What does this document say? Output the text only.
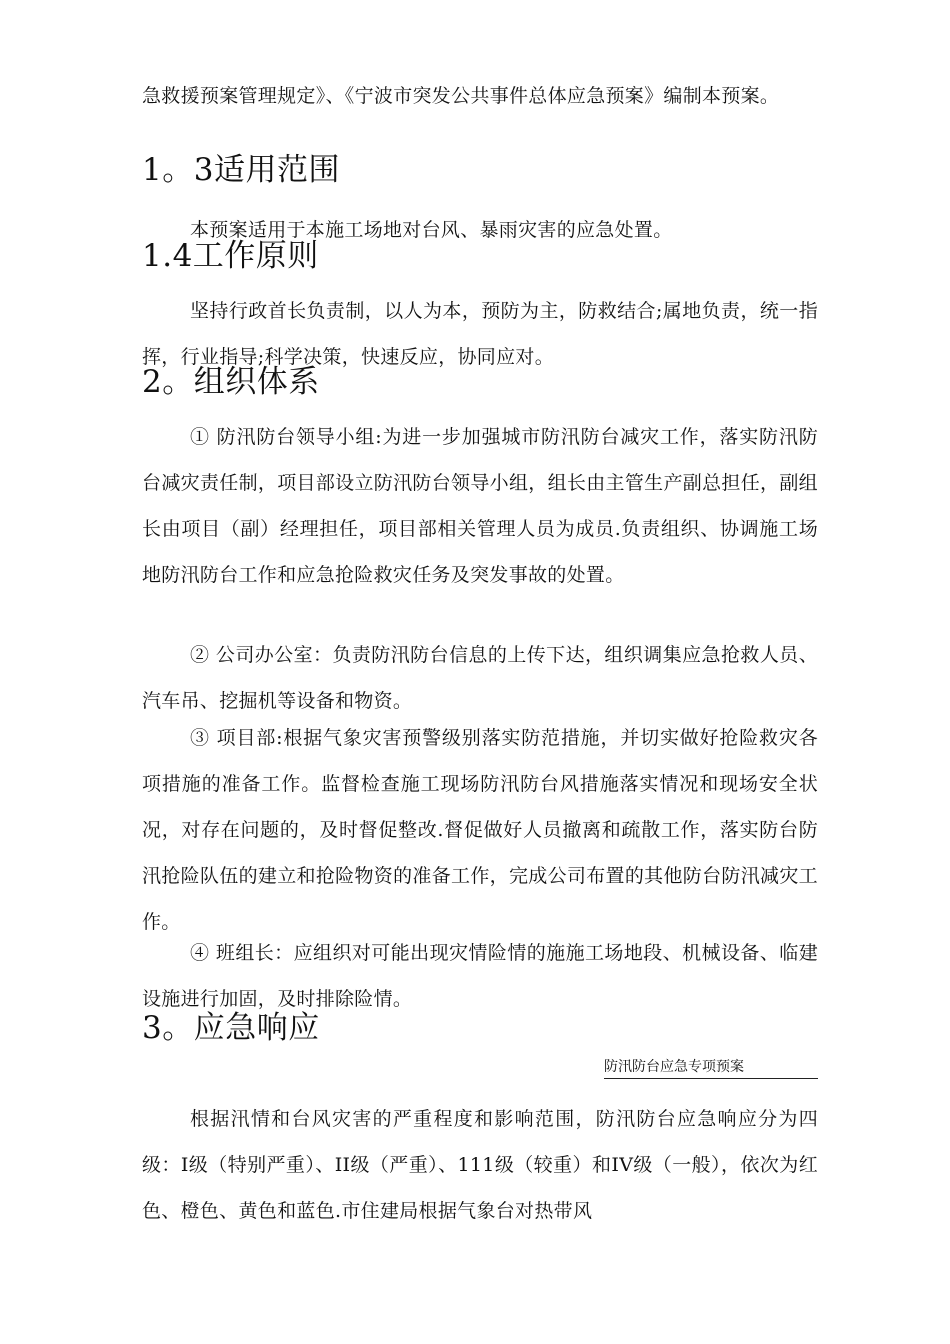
急救援预案管理规定》、《宁波市突发公共事件总体应急预案》编制本预案。

1。3适用范围

本预案适用于本施工场地对台风、暴雨灾害的应急处置。

1.4工作原则

坚持行政首长负责制，以人为本，预防为主，防救结合;属地负责，统一指挥，行业指导;科学决策，快速反应，协同应对。

2。组织体系

① 防汛防台领导小组:为进一步加强城市防汛防台减灾工作，落实防汛防台减灾责任制，项目部设立防汛防台领导小组，组长由主管生产副总担任，副组长由项目（副）经理担任，项目部相关管理人员为成员.负责组织、协调施工场地防汛防台工作和应急抢险救灾任务及突发事故的处置。

② 公司办公室：负责防汛防台信息的上传下达，组织调集应急抢救人员、汽车吊、挖掘机等设备和物资。

③ 项目部:根据气象灾害预警级别落实防范措施，并切实做好抢险救灾各项措施的准备工作。监督检查施工现场防汛防台风措施落实情况和现场安全状况，对存在问题的，及时督促整改.督促做好人员撤离和疏散工作，落实防台防汛抢险队伍的建立和抢险物资的准备工作，完成公司布置的其他防台防汛减灾工作。

④ 班组长：应组织对可能出现灾情险情的施施工场地段、机械设备、临建设施进行加固，及时排除险情。

3。应急响应
防汛防台应急专项预案

根据汛情和台风灾害的严重程度和影响范围，防汛防台应急响应分为四级：I级（特别严重）、II级（严重）、111级（较重）和IV级（一般），依次为红色、橙色、黄色和蓝色.市住建局根据气象台对热带风
